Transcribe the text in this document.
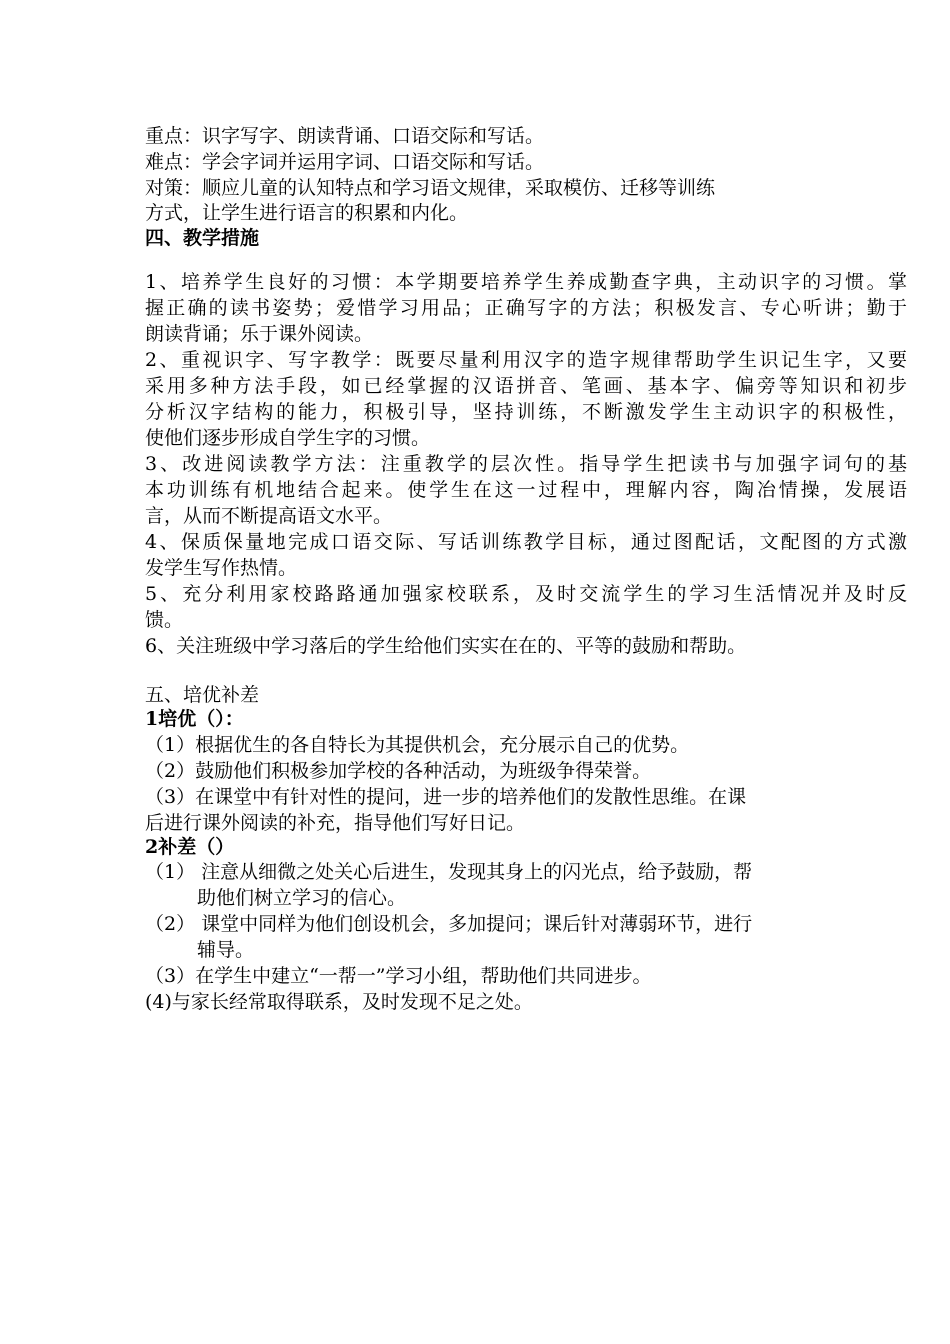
重点：识字写字、朗读背诵、口语交际和写话。
难点：学会字词并运用字词、口语交际和写话。
对策：顺应儿童的认知特点和学习语文规律，采取模仿、迁移等训练
方式，让学生进行语言的积累和内化。
四、教学措施
1、培养学生良好的习惯：本学期要培养学生养成勤查字典，主动识字的习惯。掌
握正确的读书姿势；爱惜学习用品；正确写字的方法；积极发言、专心听讲；勤于
朗读背诵；乐于课外阅读。
2、重视识字、写字教学：既要尽量利用汉字的造字规律帮助学生识记生字，又要
采用多种方法手段，如已经掌握的汉语拼音、笔画、基本字、偏旁等知识和初步
分析汉字结构的能力，积极引导，坚持训练，不断激发学生主动识字的积极性，
使他们逐步形成自学生字的习惯。
3、改进阅读教学方法：注重教学的层次性。指导学生把读书与加强字词句的基
本功训练有机地结合起来。使学生在这一过程中，理解内容，陶冶情操，发展语
言，从而不断提高语文水平。
4、保质保量地完成口语交际、写话训练教学目标，通过图配话，文配图的方式激
发学生写作热情。
5、充分利用家校路路通加强家校联系，及时交流学生的学习生活情况并及时反
馈。
6、关注班级中学习落后的学生给他们实实在在的、平等的鼓励和帮助。
五、培优补差
1培优（）：
（1）根据优生的各自特长为其提供机会，充分展示自己的优势。
（2）鼓励他们积极参加学校的各种活动，为班级争得荣誉。
（3）在课堂中有针对性的提问，进一步的培养他们的发散性思维。在课
后进行课外阅读的补充，指导他们写好日记。
2补差（）
（1） 注意从细微之处关心后进生，发现其身上的闪光点，给予鼓励，帮
助他们树立学习的信心。
（2） 课堂中同样为他们创设机会，多加提问；课后针对薄弱环节，进行
辅导。
（3）在学生中建立“一帮一”学习小组，帮助他们共同进步。
(4)与家长经常取得联系，及时发现不足之处。
